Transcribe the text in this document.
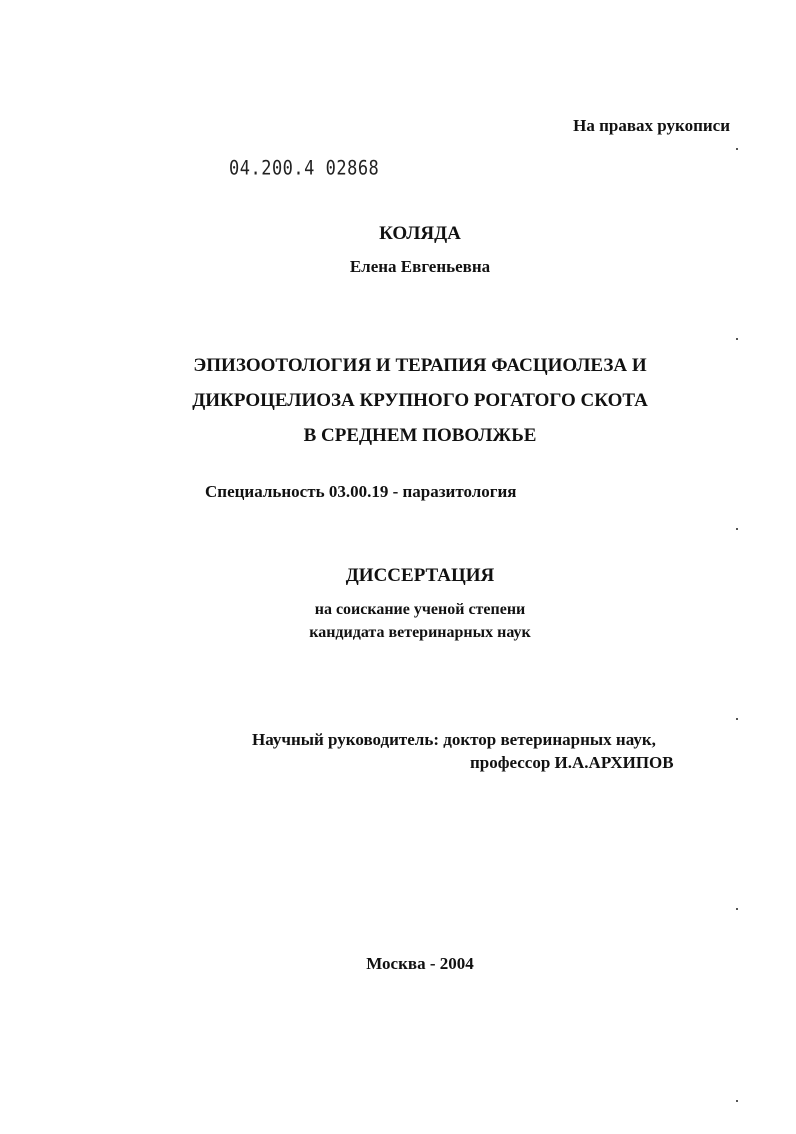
На правах рукописи
04.200.4 02868
КОЛЯДА
Елена Евгеньевна
ЭПИЗООТОЛОГИЯ И ТЕРАПИЯ ФАСЦИОЛЕЗА И
ДИКРОЦЕЛИОЗА КРУПНОГО РОГАТОГО СКОТА
В СРЕДНЕМ ПОВОЛЖЬЕ
Специальность 03.00.19 - паразитология
ДИССЕРТАЦИЯ
на соискание ученой степени
кандидата ветеринарных наук
Научный руководитель: доктор ветеринарных наук,
профессор И.А.АРХИПОВ
Москва - 2004
